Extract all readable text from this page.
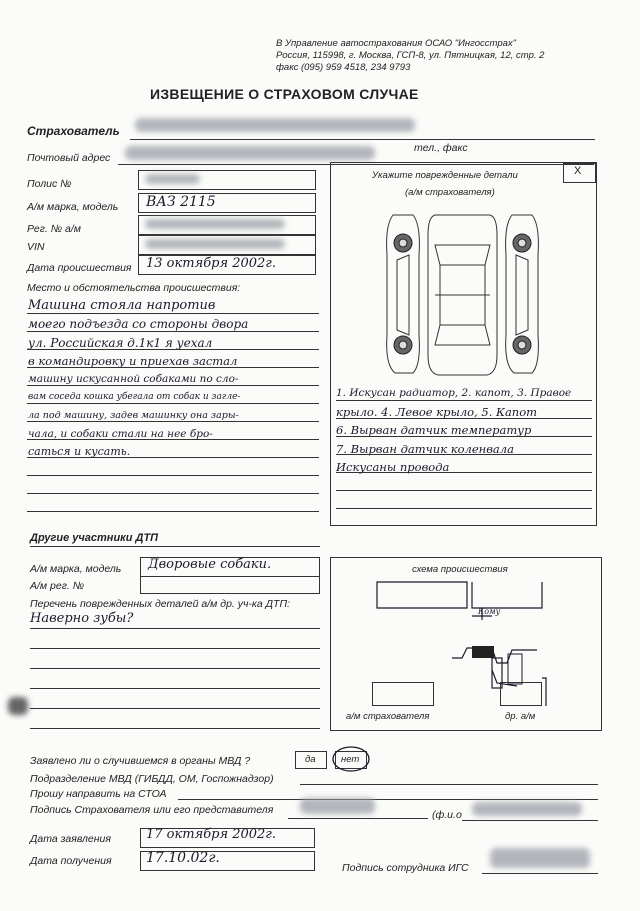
В Управление автострахования ОСАО "Ингосстрах"
Россия, 115998, г. Москва, ГСП-8, ул. Пятницкая, 12, стр. 2
факс (095) 959 4518, 234 9793
ИЗВЕЩЕНИЕ О СТРАХОВОМ СЛУЧАЕ
Страхователь
Почтовый адрес
тел., факс
Полис №
А/м марка, модель ВАЗ 2115
Рег. № а/м
VIN
Дата происшествия 13 октября 2002г.
Место и обстоятельства происшествия:
Машина стояла напротив
моего подъезда со стороны двора
ул. Российская д.1к1 я уехал
в командировку и приехав застал
машину искусанной собаками по сло-
вам соседа кошка убегала от собак и загле-
ла под машину, задев машинку она зары-
чала, и собаки стали на нее бро-
саться и кусать.
Укажите поврежденные детали
(а/м страхователя)
X
1. Искусан радиатор, 2. капот, 3. Правое
крыло. 4. Левое крыло, 5. Капот
6. Вырван датчик температур
7. Вырван датчик коленвала
Искусаны провода
Другие участники ДТП
А/м марка, модель Дворовые собаки.
А/м рег. №
Перечень поврежденных деталей а/м др. уч-ка ДТП:
Наверно зубы?
схема происшествия
Кому
а/м страхователя	др. а/м
Заявлено ли о случившемся в органы МВД ?	да	нет
Подразделение МВД (ГИБДД, ОМ, Госпожнадзор)
Прошу направить на СТОА
Подпись Страхователя или его представителя	(ф.и.о
Дата заявления	17 октября 2002г.
Дата получения 17.10.02г.
Подпись сотрудника ИГС
